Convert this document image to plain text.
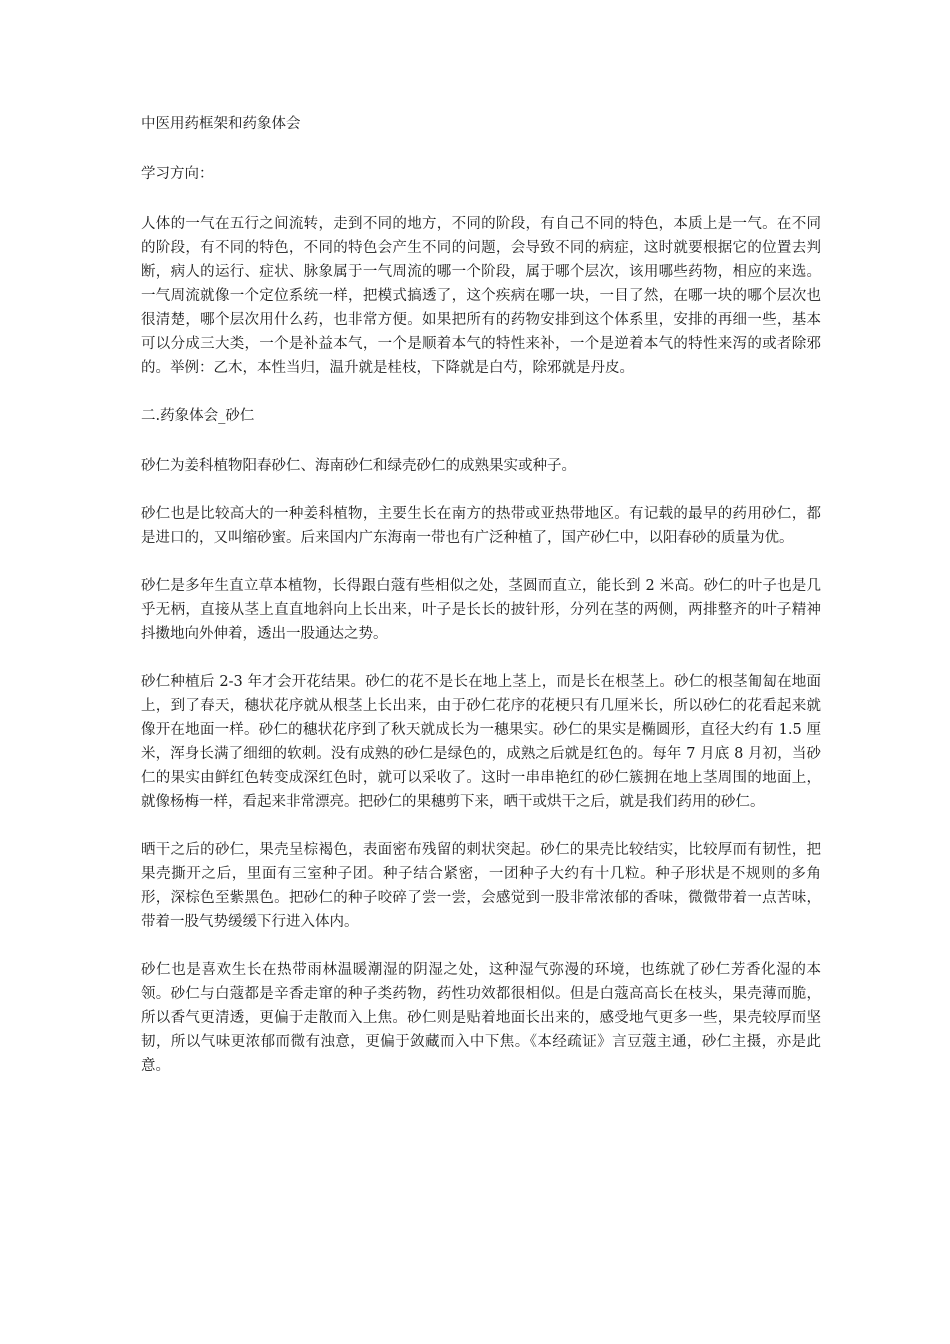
中医用药框架和药象体会

学习方向：

人体的一气在五行之间流转，走到不同的地方，不同的阶段，有自己不同的特色，本质上是一气。在不同的阶段，有不同的特色，不同的特色会产生不同的问题，会导致不同的病症，这时就要根据它的位置去判断，病人的运行、症状、脉象属于一气周流的哪一个阶段，属于哪个层次，该用哪些药物，相应的来选。一气周流就像一个定位系统一样，把模式搞透了，这个疾病在哪一块，一目了然，在哪一块的哪个层次也很清楚，哪个层次用什么药，也非常方便。如果把所有的药物安排到这个体系里，安排的再细一些，基本可以分成三大类，一个是补益本气，一个是顺着本气的特性来补，一个是逆着本气的特性来泻的或者除邪的。举例：乙木，本性当归，温升就是桂枝，下降就是白芍，除邪就是丹皮。

二.药象体会_砂仁

砂仁为姜科植物阳春砂仁、海南砂仁和绿壳砂仁的成熟果实或种子。

砂仁也是比较高大的一种姜科植物，主要生长在南方的热带或亚热带地区。有记载的最早的药用砂仁，都是进口的，又叫缩砂蜜。后来国内广东海南一带也有广泛种植了，国产砂仁中，以阳春砂的质量为优。

砂仁是多年生直立草本植物，长得跟白蔻有些相似之处，茎圆而直立，能长到 2 米高。砂仁的叶子也是几乎无柄，直接从茎上直直地斜向上长出来，叶子是长长的披针形，分列在茎的两侧，两排整齐的叶子精神抖擞地向外伸着，透出一股通达之势。

砂仁种植后 2-3 年才会开花结果。砂仁的花不是长在地上茎上，而是长在根茎上。砂仁的根茎匍匐在地面上，到了春天，穗状花序就从根茎上长出来，由于砂仁花序的花梗只有几厘米长，所以砂仁的花看起来就像开在地面一样。砂仁的穗状花序到了秋天就成长为一穗果实。砂仁的果实是椭圆形，直径大约有 1.5 厘米，浑身长满了细细的软刺。没有成熟的砂仁是绿色的，成熟之后就是红色的。每年 7 月底 8 月初，当砂仁的果实由鲜红色转变成深红色时，就可以采收了。这时一串串艳红的砂仁簇拥在地上茎周围的地面上，就像杨梅一样，看起来非常漂亮。把砂仁的果穗剪下来，晒干或烘干之后，就是我们药用的砂仁。

晒干之后的砂仁，果壳呈棕褐色，表面密布残留的刺状突起。砂仁的果壳比较结实，比较厚而有韧性，把果壳撕开之后，里面有三室种子团。种子结合紧密，一团种子大约有十几粒。种子形状是不规则的多角形，深棕色至紫黑色。把砂仁的种子咬碎了尝一尝，会感觉到一股非常浓郁的香味，微微带着一点苦味，带着一股气势缓缓下行进入体内。

砂仁也是喜欢生长在热带雨林温暖潮湿的阴湿之处，这种湿气弥漫的环境，也练就了砂仁芳香化湿的本领。砂仁与白蔻都是辛香走窜的种子类药物，药性功效都很相似。但是白蔻高高长在枝头，果壳薄而脆，所以香气更清透，更偏于走散而入上焦。砂仁则是贴着地面长出来的，感受地气更多一些，果壳较厚而坚韧，所以气味更浓郁而微有浊意，更偏于敛藏而入中下焦。《本经疏证》言豆蔻主通，砂仁主摄，亦是此意。
